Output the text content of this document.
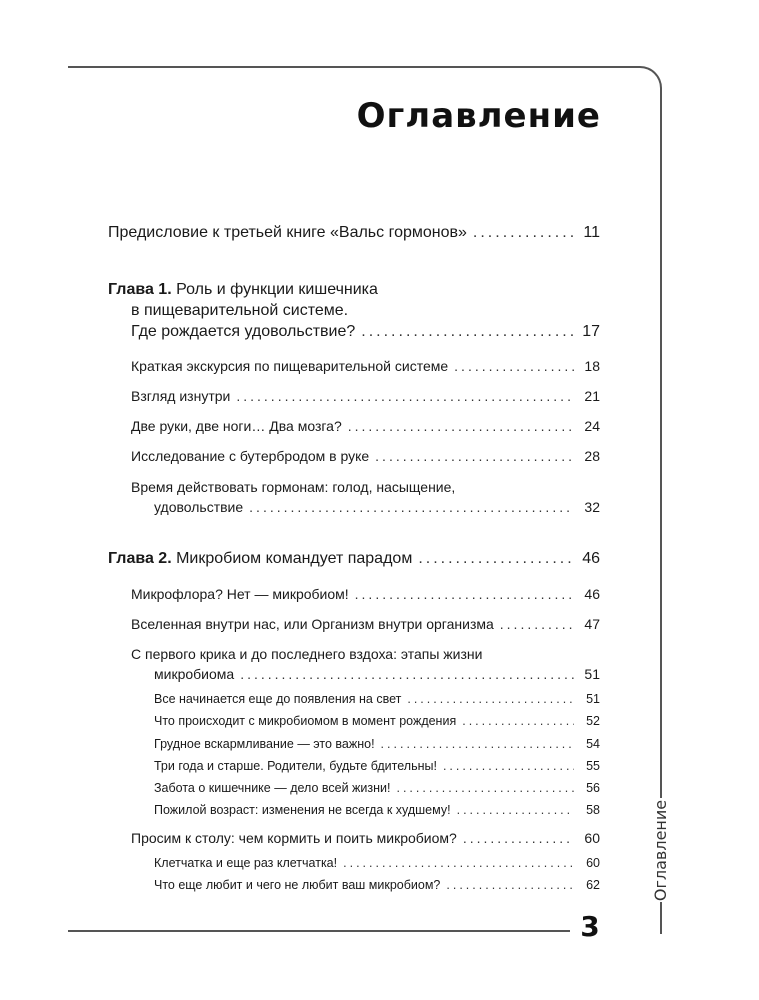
Оглавление
Оглавление
3
Предисловие к третьей книге «Вальс гормонов» .....	11
Глава 1. Роль и функции кишечника
в пищеварительной системе.
Где рождается удовольствие? .....	17
Краткая экскурсия по пищеварительной системе .....	18
Взгляд изнутри .....	21
Две руки, две ноги… Два мозга? .....	24
Исследование с бутербродом в руке .....	28
Время действовать гормонам: голод, насыщение,
удовольствие .....	32
Глава 2. Микробиом командует парадом .....	46
Микрофлора? Нет — микробиом! .....	46
Вселенная внутри нас, или Организм внутри организма .....	47
С первого крика и до последнего вздоха: этапы жизни
микробиома .....	51
Все начинается еще до появления на свет .....	51
Что происходит с микробиомом в момент рождения .....	52
Грудное вскармливание — это важно! .....	54
Три года и старше. Родители, будьте бдительны! .....	55
Забота о кишечнике — дело всей жизни! .....	56
Пожилой возраст: изменения не всегда к худшему! .....	58
Просим к столу: чем кормить и поить микробиом? .....	60
Клетчатка и еще раз клетчатка! .....	60
Что еще любит и чего не любит ваш микробиом? .....	62
